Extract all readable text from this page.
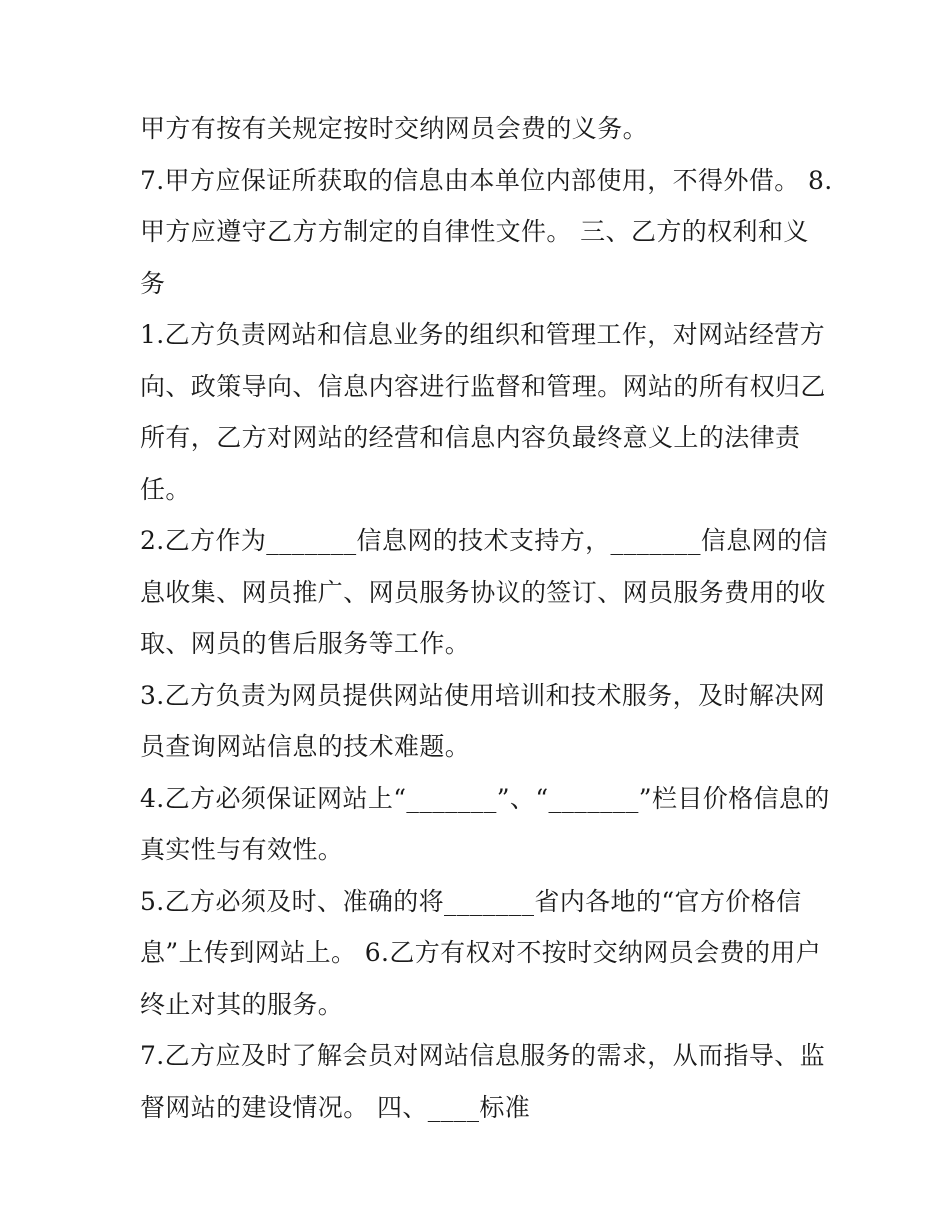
甲方有按有关规定按时交纳网员会费的义务。
7.甲方应保证所获取的信息由本单位内部使用，不得外借。 8.
甲方应遵守乙方方制定的自律性文件。 三、乙方的权利和义
务
1.乙方负责网站和信息业务的组织和管理工作，对网站经营方
向、政策导向、信息内容进行监督和管理。网站的所有权归乙
所有，乙方对网站的经营和信息内容负最终意义上的法律责
任。
2.乙方作为_______信息网的技术支持方，_______信息网的信
息收集、网员推广、网员服务协议的签订、网员服务费用的收
取、网员的售后服务等工作。
3.乙方负责为网员提供网站使用培训和技术服务，及时解决网
员查询网站信息的技术难题。
4.乙方必须保证网站上“_______”、“_______”栏目价格信息的
真实性与有效性。
5.乙方必须及时、准确的将_______省内各地的“官方价格信
息”上传到网站上。 6.乙方有权对不按时交纳网员会费的用户
终止对其的服务。
7.乙方应及时了解会员对网站信息服务的需求，从而指导、监
督网站的建设情况。 四、____标准
